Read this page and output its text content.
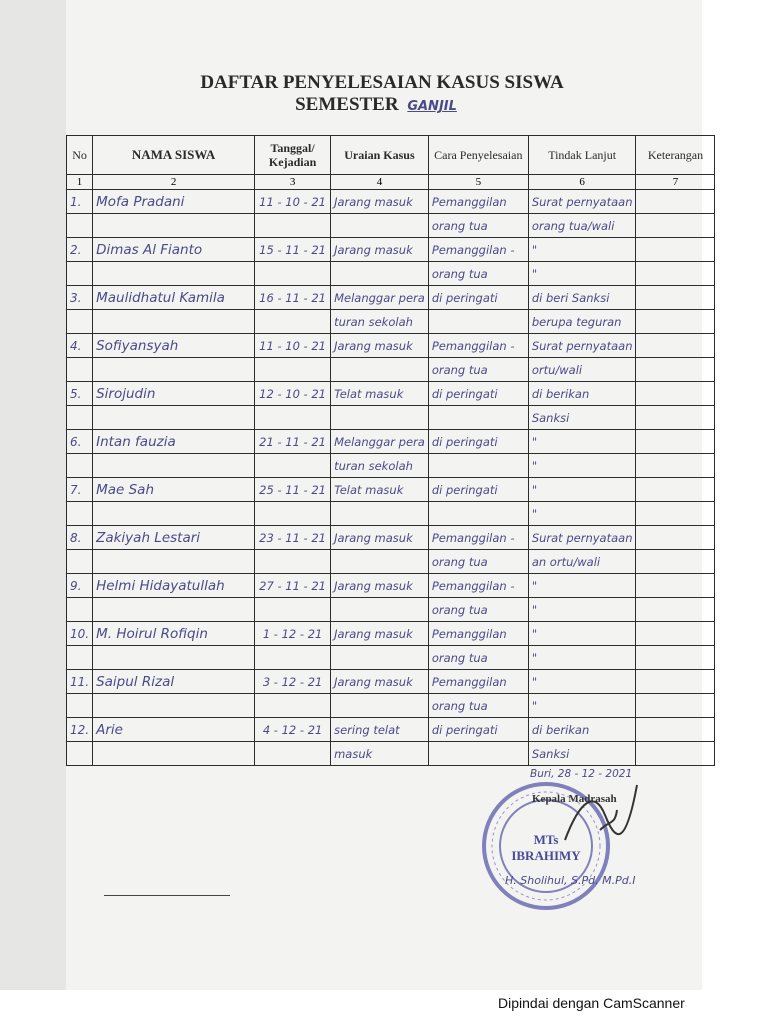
DAFTAR PENYELESAIAN KASUS SISWA
SEMESTER GANJIL
No	NAMA SISWA	Tanggal/ Kejadian	Uraian Kasus	Cara Penyelesaian	Tindak Lanjut	Keterangan
1	2	3	4	5	6	7
1.	Mofa Pradani	11 - 10 - 21	Jarang masuk	Pemanggilan	Surat pernyataan	
				orang tua	orang tua/wali	
2.	Dimas Al Fianto	15 - 11 - 21	Jarang masuk	Pemanggilan -	"	
				orang tua	"	
3.	Maulidhatul Kamila	16 - 11 - 21	Melanggar pera	di peringati	di beri Sanksi	
			turan sekolah		berupa teguran	
4.	Sofiyansyah	11 - 10 - 21	Jarang masuk	Pemanggilan -	Surat pernyataan	
				orang tua	ortu/wali	
5.	Sirojudin	12 - 10 - 21	Telat masuk	di peringati	di berikan	
					Sanksi	
6.	Intan fauzia	21 - 11 - 21	Melanggar pera	di peringati	"	
			turan sekolah		"	
7.	Mae Sah	25 - 11 - 21	Telat masuk	di peringati	"	
					"	
8.	Zakiyah Lestari	23 - 11 - 21	Jarang masuk	Pemanggilan -	Surat pernyataan	
				orang tua	an ortu/wali	
9.	Helmi Hidayatullah	27 - 11 - 21	Jarang masuk	Pemanggilan -	"	
				orang tua	"	
10.	M. Hoirul Rofiqin	1 - 12 - 21	Jarang masuk	Pemanggilan	"	
				orang tua	"	
11.	Saipul Rizal	3 - 12 - 21	Jarang masuk	Pemanggilan	"	
				orang tua	"	
12.	Arie	4 - 12 - 21	sering telat	di peringati	di berikan	
			masuk		Sanksi	
Buri, 28 - 12 - 2021
MTs
IBRAHIMY
Kepala Madrasah
H. Sholihul, S.Pd. M.Pd.I
Dipindai dengan CamScanner
